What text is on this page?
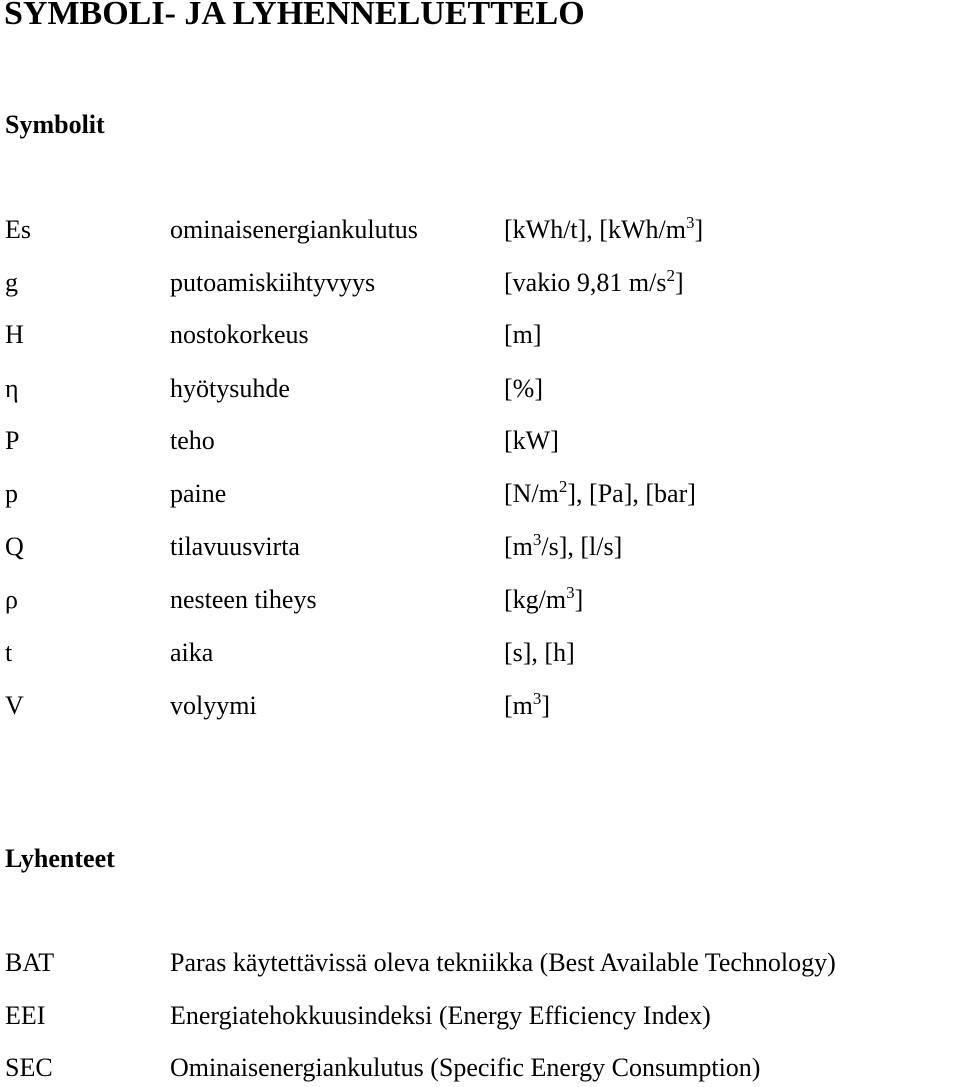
SYMBOLI- JA LYHENNELUETTELO
Symbolit
Es	ominaisenergiankulutus	[kWh/t], $[kWh/m^3]$
g	putoamiskiihtyvyys	[vakio 9,81 $m/s^2$]
H	nostokorkeus	[m]
η	hyötysuhde	[%]
P	teho	[kW]
p	paine	$[N/m^2]$, [Pa], [bar]
Q	tilavuusvirta	$[m^3/s]$, [l/s]
ρ	nesteen tiheys	$[kg/m^3]$
t	aika	[s], [h]
V	volyymi	$[m^3]$
Lyhenteet
BAT	Paras käytettävissä oleva tekniikka (Best Available Technology)
EEI	Energiatehokkuusindeksi (Energy Efficiency Index)
SEC	Ominaisenergiankulutus (Specific Energy Consumption)
